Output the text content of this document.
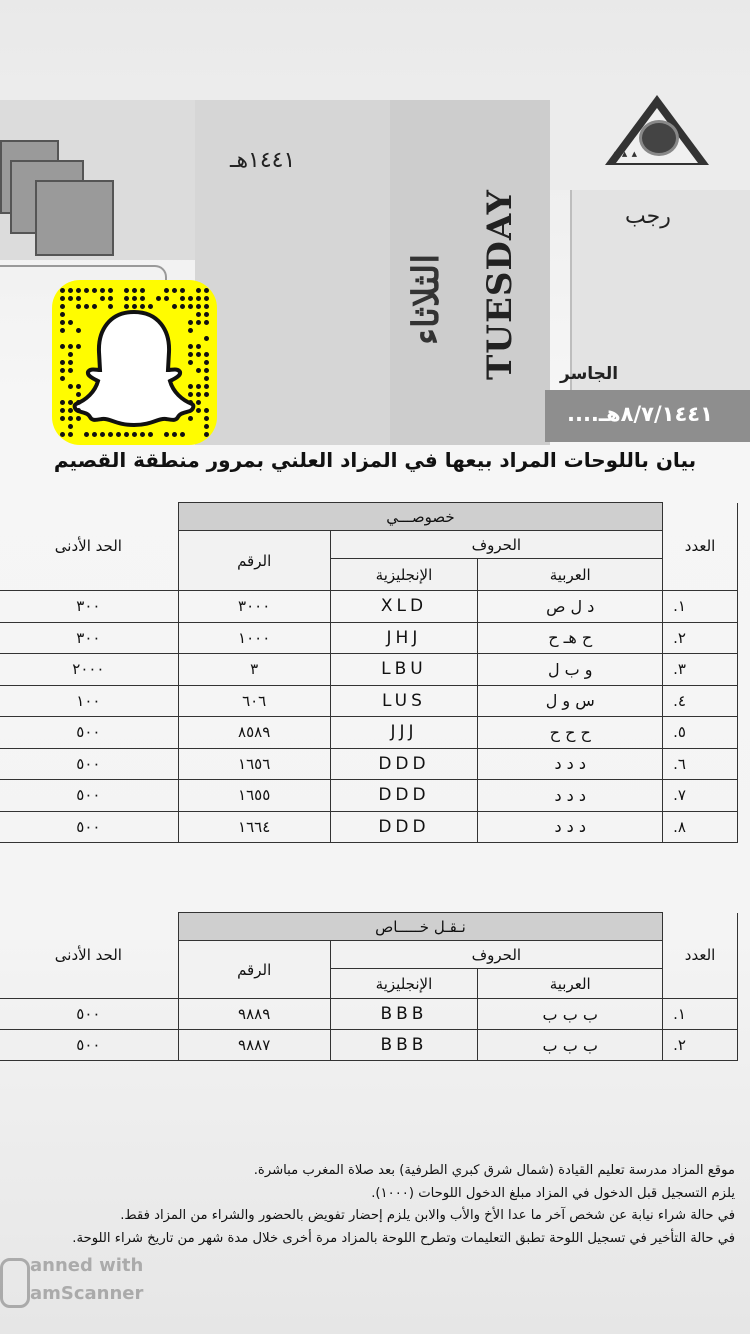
١٤٤١هـ
TUESDAY
الثلاثاء
▲ ▲ ▲
رجب
الجاسر
٨/٧/١٤٤١هـ....
بيان باللوحات المراد بيعها في المزاد العلني بمرور منطقة القصيم
العدد	خصوصـــي			الحد الأدنى
	الحروف		الرقم	
	العربية	الإنجليزية		
١.	د ل ص	XLD	٣٠٠٠	٣٠٠
٢.	ح هـ ح	JHJ	١٠٠٠	٣٠٠
٣.	و ب ل	LBU	٣	٢٠٠٠
٤.	س و ل	LUS	٦٠٦	١٠٠
٥.	ح ح ح	JJJ	٨٥٨٩	٥٠٠
٦.	د د د	DDD	١٦٥٦	٥٠٠
٧.	د د د	DDD	١٦٥٥	٥٠٠
٨.	د د د	DDD	١٦٦٤	٥٠٠
العدد	نـقـل خـــــاص			الحد الأدنى
	الحروف		الرقم	
	العربية	الإنجليزية		
١.	ب ب ب	BBB	٩٨٨٩	٥٠٠
٢.	ب ب ب	BBB	٩٨٨٧	٥٠٠

موقع المزاد مدرسة تعليم القيادة (شمال شرق كبري الطرفية) بعد صلاة المغرب مباشرة.

يلزم التسجيل قبل الدخول في المزاد مبلغ الدخول اللوحات (١٠٠٠).

في حالة شراء نيابة عن شخص آخر ما عدا الأخ والأب والابن يلزم إحضار تفويض بالحضور والشراء من المزاد فقط.

في حالة التأخير في تسجيل اللوحة تطبق التعليمات وتطرح اللوحة بالمزاد مرة أخرى خلال مدة شهر من تاريخ شراء اللوحة.

anned with
amScanner
